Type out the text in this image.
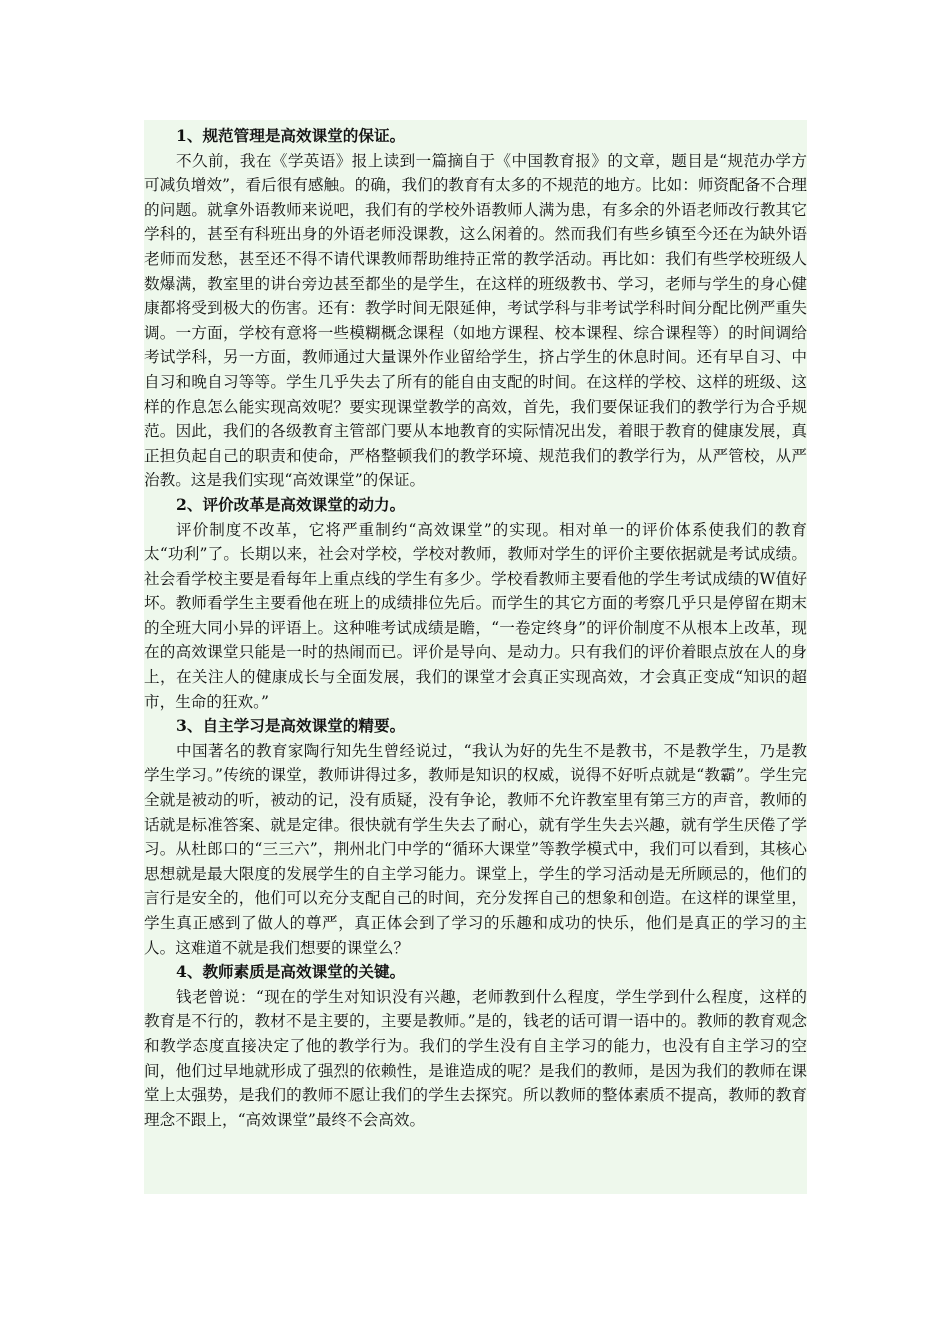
1、规范管理是高效课堂的保证。

不久前，我在《学英语》报上读到一篇摘自于《中国教育报》的文章，题目是“规范办学方可减负增效”，看后很有感触。的确，我们的教育有太多的不规范的地方。比如：师资配备不合理的问题。就拿外语教师来说吧，我们有的学校外语教师人满为患，有多余的外语老师改行教其它学科的，甚至有科班出身的外语老师没课教，这么闲着的。然而我们有些乡镇至今还在为缺外语老师而发愁，甚至还不得不请代课教师帮助维持正常的教学活动。再比如：我们有些学校班级人数爆满，教室里的讲台旁边甚至都坐的是学生，在这样的班级教书、学习，老师与学生的身心健康都将受到极大的伤害。还有：教学时间无限延伸，考试学科与非考试学科时间分配比例严重失调。一方面，学校有意将一些模糊概念课程（如地方课程、校本课程、综合课程等）的时间调给考试学科，另一方面，教师通过大量课外作业留给学生，挤占学生的休息时间。还有早自习、中自习和晚自习等等。学生几乎失去了所有的能自由支配的时间。在这样的学校、这样的班级、这样的作息怎么能实现高效呢？要实现课堂教学的高效，首先，我们要保证我们的教学行为合乎规范。因此，我们的各级教育主管部门要从本地教育的实际情况出发，着眼于教育的健康发展，真正担负起自己的职责和使命，严格整顿我们的教学环境、规范我们的教学行为，从严管校，从严治教。这是我们实现“高效课堂”的保证。

2、评价改革是高效课堂的动力。

评价制度不改革，它将严重制约“高效课堂”的实现。相对单一的评价体系使我们的教育太“功利”了。长期以来，社会对学校，学校对教师，教师对学生的评价主要依据就是考试成绩。社会看学校主要是看每年上重点线的学生有多少。学校看教师主要看他的学生考试成绩的W值好坏。教师看学生主要看他在班上的成绩排位先后。而学生的其它方面的考察几乎只是停留在期末的全班大同小异的评语上。这种唯考试成绩是瞻，“一卷定终身”的评价制度不从根本上改革，现在的高效课堂只能是一时的热闹而已。评价是导向、是动力。只有我们的评价着眼点放在人的身上，在关注人的健康成长与全面发展，我们的课堂才会真正实现高效，才会真正变成“知识的超市，生命的狂欢。”

3、自主学习是高效课堂的精要。

中国著名的教育家陶行知先生曾经说过，“我认为好的先生不是教书，不是教学生，乃是教学生学习。”传统的课堂，教师讲得过多，教师是知识的权威，说得不好听点就是“教霸”。学生完全就是被动的听，被动的记，没有质疑，没有争论，教师不允许教室里有第三方的声音，教师的话就是标准答案、就是定律。很快就有学生失去了耐心，就有学生失去兴趣，就有学生厌倦了学习。从杜郎口的“三三六”，荆州北门中学的“循环大课堂”等教学模式中，我们可以看到，其核心思想就是最大限度的发展学生的自主学习能力。课堂上，学生的学习活动是无所顾忌的，他们的言行是安全的，他们可以充分支配自己的时间，充分发挥自己的想象和创造。在这样的课堂里，学生真正感到了做人的尊严，真正体会到了学习的乐趣和成功的快乐，他们是真正的学习的主人。这难道不就是我们想要的课堂么？

4、教师素质是高效课堂的关键。

钱老曾说：“现在的学生对知识没有兴趣，老师教到什么程度，学生学到什么程度，这样的教育是不行的，教材不是主要的，主要是教师。”是的，钱老的话可谓一语中的。教师的教育观念和教学态度直接决定了他的教学行为。我们的学生没有自主学习的能力，也没有自主学习的空间，他们过早地就形成了强烈的依赖性，是谁造成的呢？是我们的教师，是因为我们的教师在课堂上太强势，是我们的教师不愿让我们的学生去探究。所以教师的整体素质不提高，教师的教育理念不跟上，“高效课堂”最终不会高效。
